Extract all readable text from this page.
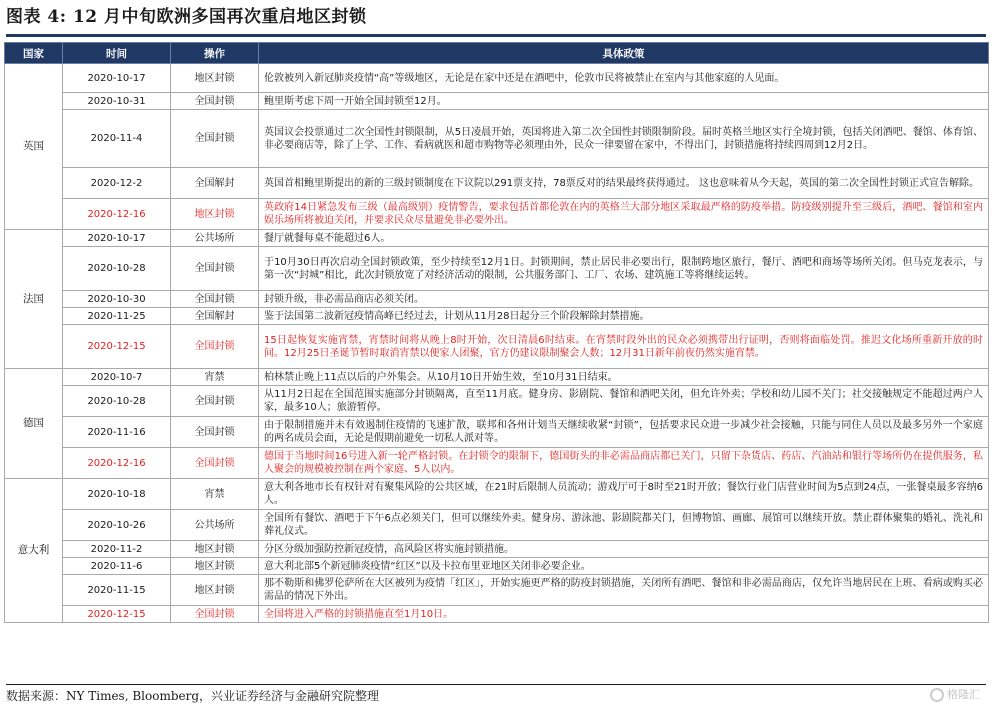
图表 4: 12 月中旬欧洲多国再次重启地区封锁
国家	时间	操作	具体政策
英国	2020-10-17	地区封锁	伦敦被列入新冠肺炎疫情“高”等级地区，无论是在家中还是在酒吧中，伦敦市民将被禁止在室内与其他家庭的人见面。
	2020-10-31	全国封锁	鲍里斯考虑下周一开始全国封锁至12月。
	2020-11-4	全国封锁	英国议会投票通过二次全国性封锁限制，从5日凌晨开始，英国将进入第二次全国性封锁限制阶段。届时英格兰地区实行全境封锁，包括关闭酒吧、餐馆、体育馆、非必要商店等，除了上学、工作、看病就医和超市购物等必须理由外，民众一律要留在家中，不得出门，封锁措施将持续四周到12月2日。
	2020-12-2	全国解封	英国首相鲍里斯提出的新的三级封锁制度在下议院以291票支持，78票反对的结果最终获得通过。 这也意味着从今天起，英国的第二次全国性封锁正式宣告解除。
	2020-12-16	地区封锁	英政府14日紧急发布三级（最高级别）疫情警告，要求包括首都伦敦在内的英格兰大部分地区采取最严格的防疫举措。防疫级别提升至三级后，酒吧、餐馆和室内娱乐场所将被迫关闭，并要求民众尽量避免非必要外出。
法国	2020-10-17	公共场所	餐厅就餐每桌不能超过6人。
	2020-10-28	全国封锁	于10月30日再次启动全国封锁政策，至少持续至12月1日。封锁期间，禁止居民非必要出行，限制跨地区旅行，餐厅、酒吧和商场等场所关闭。但马克龙表示，与第一次“封城”相比，此次封锁放宽了对经济活动的限制，公共服务部门、工厂、农场、建筑施工等将继续运转。
	2020-10-30	全国封锁	封锁升级，非必需品商店必须关闭。
	2020-11-25	全国解封	鉴于法国第二波新冠疫情高峰已经过去，计划从11月28日起分三个阶段解除封禁措施。
	2020-12-15	全国封锁	15日起恢复实施宵禁，宵禁时间将从晚上8时开始，次日清晨6时结束。在宵禁时段外出的民众必须携带出行证明，否则将面临处罚。推迟文化场所重新开放的时间。12月25日圣诞节暂时取消宵禁以便家人团聚，官方仍建议限制聚会人数；12月31日新年前夜仍然实施宵禁。
德国	2020-10-7	宵禁	柏林禁止晚上11点以后的户外集会。从10月10日开始生效，至10月31日结束。
	2020-10-28	全国封锁	从11月2日起在全国范围实施部分封锁隔离，直至11月底。健身房、影剧院、餐馆和酒吧关闭，但允许外卖；学校和幼儿园不关门；社交接触规定不能超过两户人家，最多10人；旅游暂停。
	2020-11-16	全国封锁	由于限制措施并未有效遏制住疫情的飞速扩散，联邦和各州计划当天继续收紧“封锁”，包括要求民众进一步减少社会接触，只能与同住人员以及最多另外一个家庭的两名成员会面，无论是假期前避免一切私人派对等。
	2020-12-16	全国封锁	德国于当地时间16号进入新一轮严格封锁。在封锁令的限制下，德国街头的非必需品商店都已关门，只留下杂货店、药店、汽油站和银行等场所仍在提供服务，私人聚会的规模被控制在两个家庭、5人以内。
意大利	2020-10-18	宵禁	意大利各地市长有权针对有聚集风险的公共区域，在21时后限制人员流动；游戏厅可于8时至21时开放；餐饮行业门店营业时间为5点到24点，一张餐桌最多容纳6人。
	2020-10-26	公共场所	全国所有餐饮、酒吧于下午6点必须关门，但可以继续外卖。健身房、游泳池、影剧院都关门，但博物馆、画廊、展馆可以继续开放。禁止群体聚集的婚礼、洗礼和葬礼仪式。
	2020-11-2	地区封锁	分区分级加强防控新冠疫情，高风险区将实施封锁措施。
	2020-11-6	地区封锁	意大利北部5个新冠肺炎疫情“红区”以及卡拉布里亚地区关闭非必要企业。
	2020-11-15	地区封锁	那不勒斯和佛罗伦萨所在大区被列为疫情「红区」，开始实施更严格的防疫封锁措施，关闭所有酒吧、餐馆和非必需品商店，仅允许当地居民在上班、看病或购买必需品的情况下外出。
	2020-12-15	全国封锁	全国将进入严格的封锁措施直至1月10日。
数据来源：NY Times, Bloomberg，兴业证券经济与金融研究院整理	格隆汇
